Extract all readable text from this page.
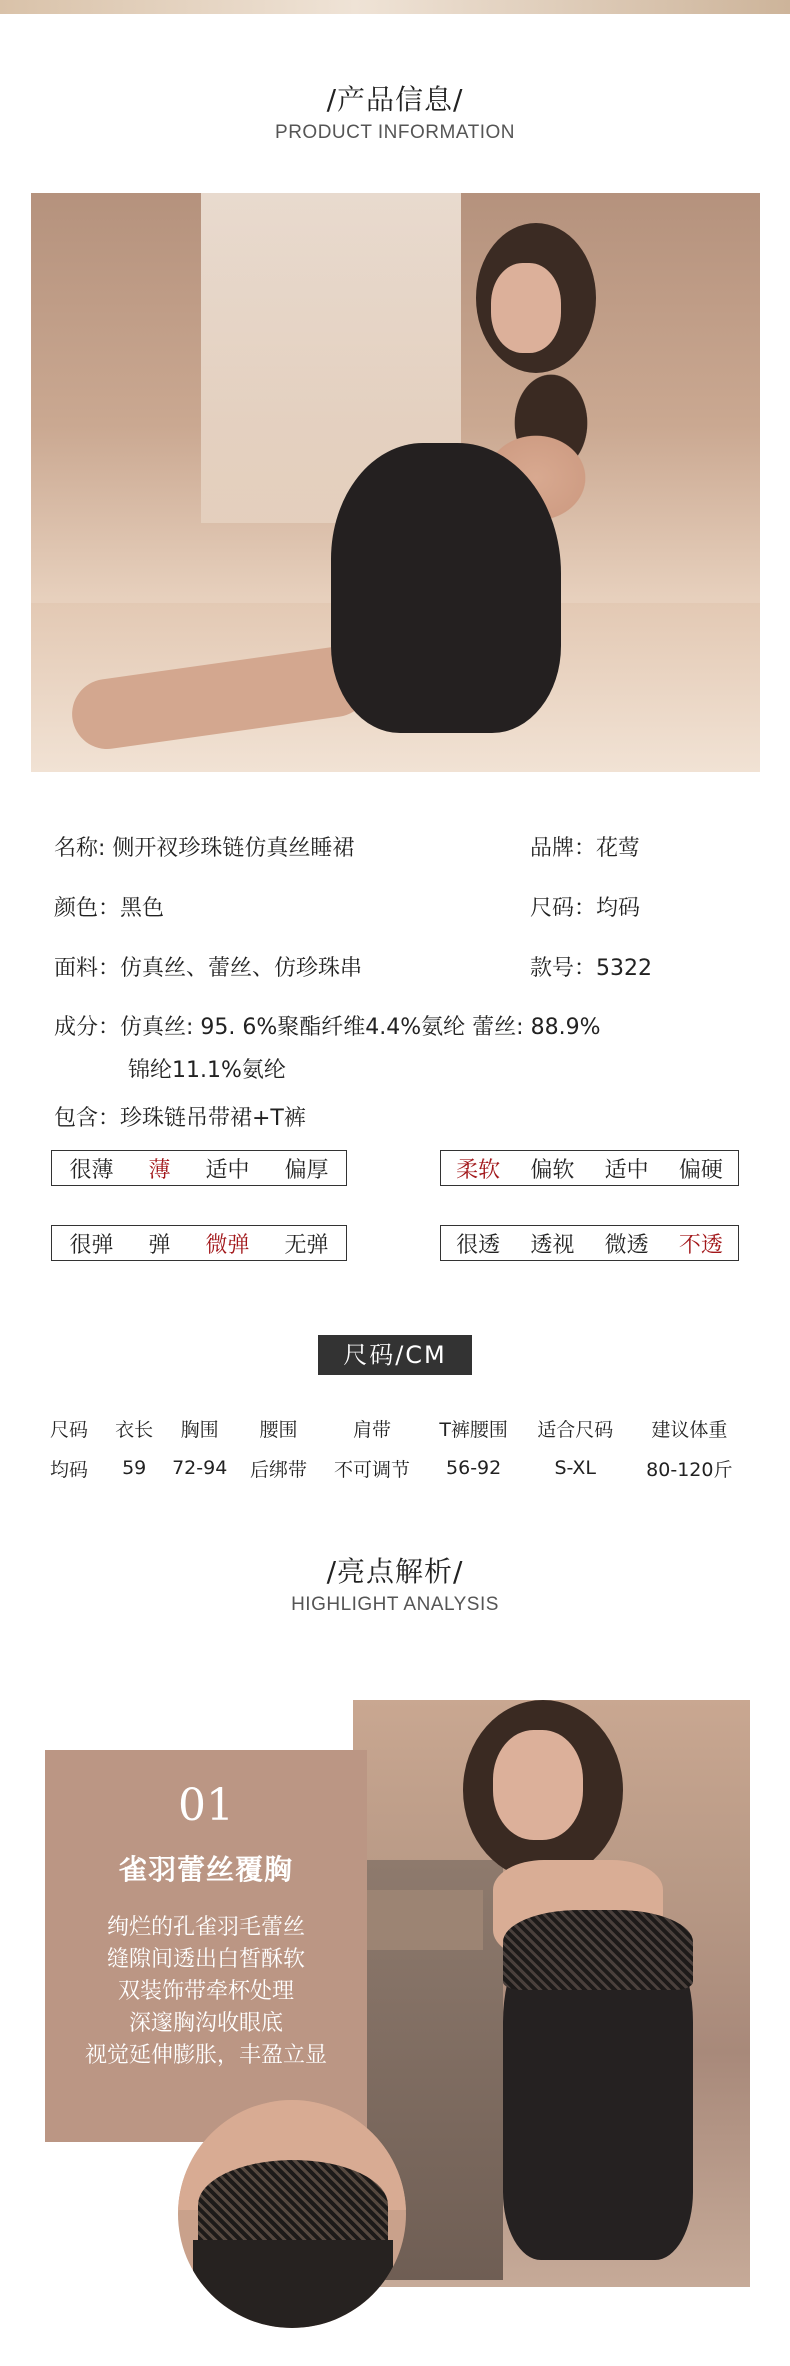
/产品信息/
PRODUCT INFORMATION
名称: 侧开衩珍珠链仿真丝睡裙	品牌：花莺
颜色：黑色	尺码：均码
面料：仿真丝、蕾丝、仿珍珠串	款号：5322
成分：仿真丝: 95. 6%聚酯纤维4.4%氨纶 蕾丝: 88.9%
锦纶11.1%氨纶
包含：珍珠链吊带裙+T裤
很薄 薄 适中 偏厚	柔软 偏软 适中 偏硬
很弹 弹 微弹 无弹	很透 透视 微透 不透
尺码/CM
尺码	衣长	胸围	腰围	肩带	T裤腰围	适合尺码	建议体重
均码	59	72-94	后绑带	不可调节	56-92	S-XL	80-120斤
/亮点解析/
HIGHLIGHT ANALYSIS
01
雀羽蕾丝覆胸
绚烂的孔雀羽毛蕾丝
缝隙间透出白皙酥软
双装饰带牵杯处理
深邃胸沟收眼底
视觉延伸膨胀，丰盈立显
